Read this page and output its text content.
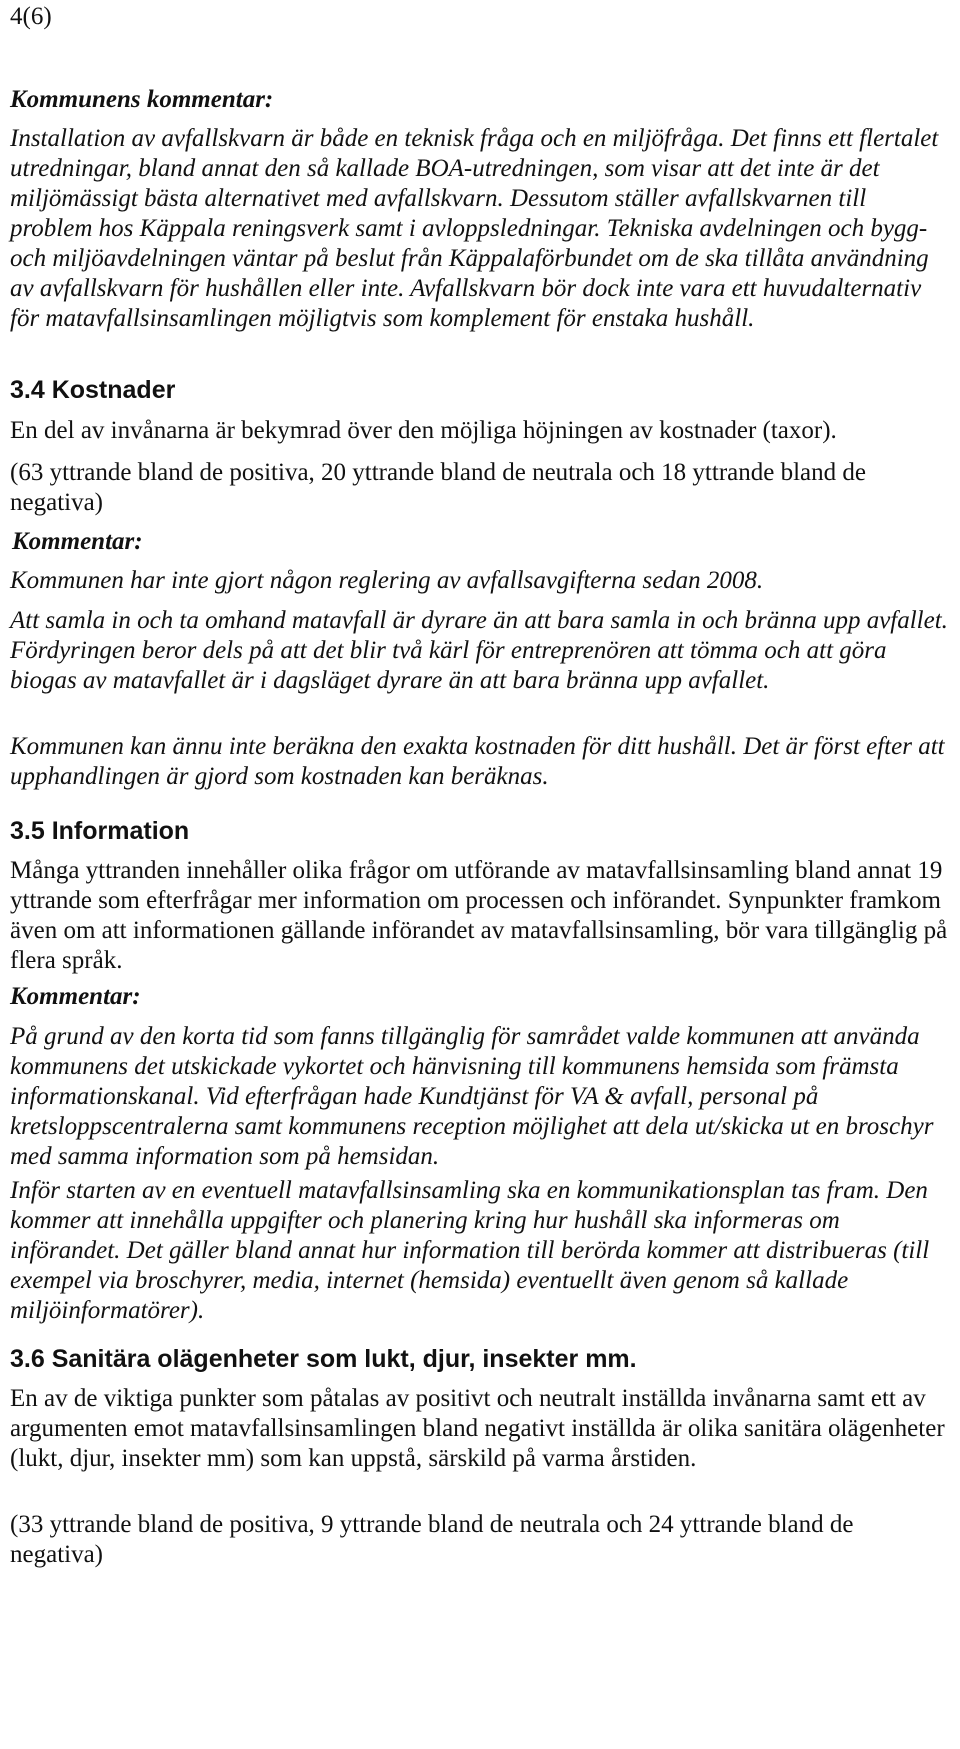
4(6)

Kommunens kommentar:

Installation av avfallskvarn är både en teknisk fråga och en miljöfråga. Det finns ett flertalet utredningar, bland annat den så kallade BOA-utredningen, som visar att det inte är det miljömässigt bästa alternativet med avfallskvarn. Dessutom ställer avfallskvarnen till problem hos Käppala reningsverk samt i avloppsledningar. Tekniska avdelningen och bygg- och miljöavdelningen väntar på beslut från Käppalaförbundet om de ska tillåta användning av avfallskvarn för hushållen eller inte. Avfallskvarn bör dock inte vara ett huvudalternativ för matavfallsinsamlingen möjligtvis som komplement för enstaka hushåll.

3.4 Kostnader

En del av invånarna är bekymrad över den möjliga höjningen av kostnader (taxor).

(63 yttrande bland de positiva, 20 yttrande bland de neutrala och 18 yttrande bland de negativa)

Kommentar:

Kommunen har inte gjort någon reglering av avfallsavgifterna sedan 2008.

Att samla in och ta omhand matavfall är dyrare än att bara samla in och bränna upp avfallet. Fördyringen beror dels på att det blir två kärl för entreprenören att tömma och att göra biogas av matavfallet är i dagsläget dyrare än att bara bränna upp avfallet.

Kommunen kan ännu inte beräkna den exakta kostnaden för ditt hushåll. Det är först efter att upphandlingen är gjord som kostnaden kan beräknas.

3.5 Information

Många yttranden innehåller olika frågor om utförande av matavfallsinsamling bland annat 19 yttrande som efterfrågar mer information om processen och införandet. Synpunkter framkom även om att informationen gällande införandet av matavfallsinsamling, bör vara tillgänglig på flera språk.

Kommentar:

På grund av den korta tid som fanns tillgänglig för samrådet valde kommunen att använda kommunens det utskickade vykortet och hänvisning till kommunens hemsida som främsta informationskanal. Vid efterfrågan hade Kundtjänst för VA & avfall, personal på kretsloppscentralerna samt kommunens reception möjlighet att dela ut/skicka ut en broschyr med samma information som på hemsidan.

Inför starten av en eventuell matavfallsinsamling ska en kommunikationsplan tas fram. Den kommer att innehålla uppgifter och planering kring hur hushåll ska informeras om införandet. Det gäller bland annat hur information till berörda kommer att distribueras (till exempel via broschyrer, media, internet (hemsida) eventuellt även genom så kallade miljöinformatörer).

3.6 Sanitära olägenheter som lukt, djur, insekter mm.

En av de viktiga punkter som påtalas av positivt och neutralt inställda invånarna samt ett av argumenten emot matavfallsinsamlingen bland negativt inställda är olika sanitära olägenheter (lukt, djur, insekter mm) som kan uppstå, särskild på varma årstiden.

(33 yttrande bland de positiva, 9 yttrande bland de neutrala och 24 yttrande bland de negativa)
